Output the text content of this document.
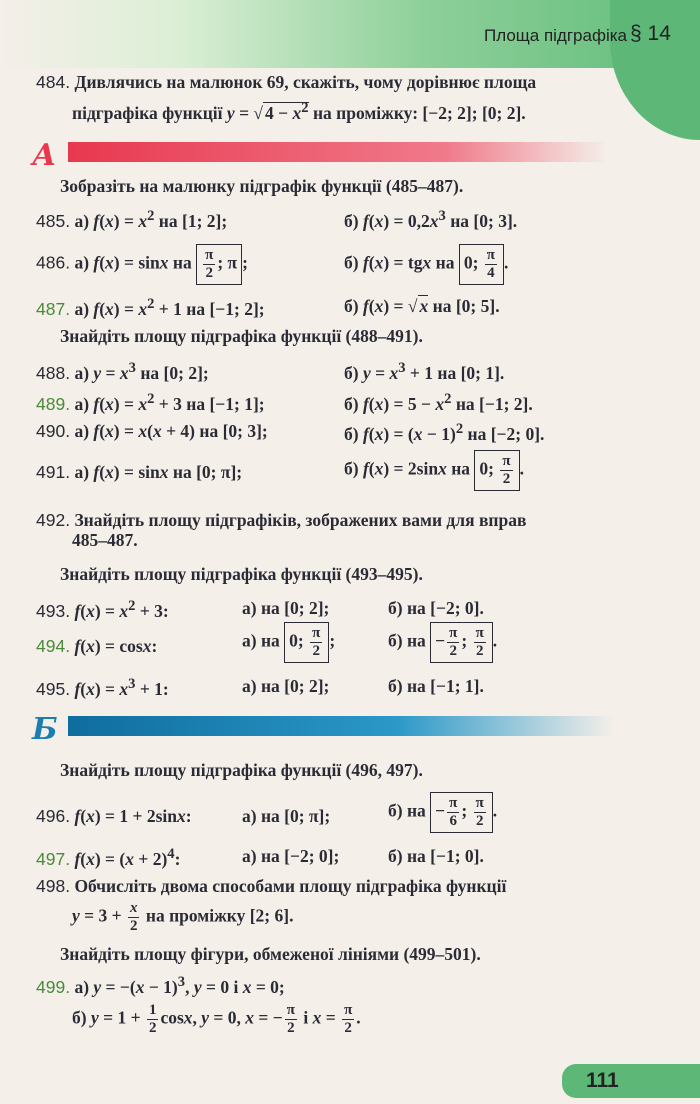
Площа підграфіка § 14
484. Дивлячись на малюнок 69, скажіть, чому дорівнює площа
підграфіка функції y = √ $4 - x^2$ на проміжку: [−2; 2]; [0; 2].
А
Зобразіть на малюнку підграфік функції (485–487).
485. а) $f(x) = x^2$ на [1; 2];	б) $f(x) = 0,2x^3$ на [0; 3].
486. а) f(x) = sinx на $\frac{\pi}{2}$ ; π ;	б) f(x) = tgx на 0; $\frac{\pi}{4}$ .
487. а) $f(x) = x^2 + 1$ на [−1; 2];	б) f(x) = √ x на [0; 5].
Знайдіть площу підграфіка функції (488–491).
488. а) $y = x^3$ на [0; 2];	б) $y = x^3 + 1$ на [0; 1].
489. а) $f(x) = x^2 + 3$ на [−1; 1];	б) $f(x) = 5 - x^2$ на [−1; 2].
490. а) f(x) = x(x + 4) на [0; 3];	б) $f(x) = (x - 1)^2$ на [−2; 0].
491. а) f(x) = sinx на [0; π];	б) f(x) = 2sinx на 0; $\frac{\pi}{2}$ .
492. Знайдіть площу підграфіків, зображених вами для вправ
485–487.
Знайдіть площу підграфіка функції (493–495).
493. $f(x) = x^2 + 3$:	а) на [0; 2];	б) на [−2; 0].
494. f(x) = cosx:	а) на 0; $\frac{\pi}{2}$ ;	б) на − $\frac{\pi}{2}$ ; $\frac{\pi}{2}$ .
495. $f(x) = x^3 + 1$:	а) на [0; 2];	б) на [−1; 1].
Б
Знайдіть площу підграфіка функції (496, 497).
496. f(x) = 1 + 2sinx:	а) на [0; π];	б) на − $\frac{\pi}{6}$ ; $\frac{\pi}{2}$ .
497. $f(x) = (x + 2)^4$:	а) на [−2; 0];	б) на [−1; 0].
498. Обчисліть двома способами площу підграфіка функції
$y = 3 + \frac{x}{2}$ на проміжку [2; 6].
Знайдіть площу фігури, обмеженої лініями (499–501).
499. а) $y = -(x - 1)^3$, y = 0 і x = 0;
б) $y = 1 + \frac{1}{2} \cos x$, y = 0, x = − $\frac{\pi}{2}$ і $x = \frac{\pi}{2}$ .
111
